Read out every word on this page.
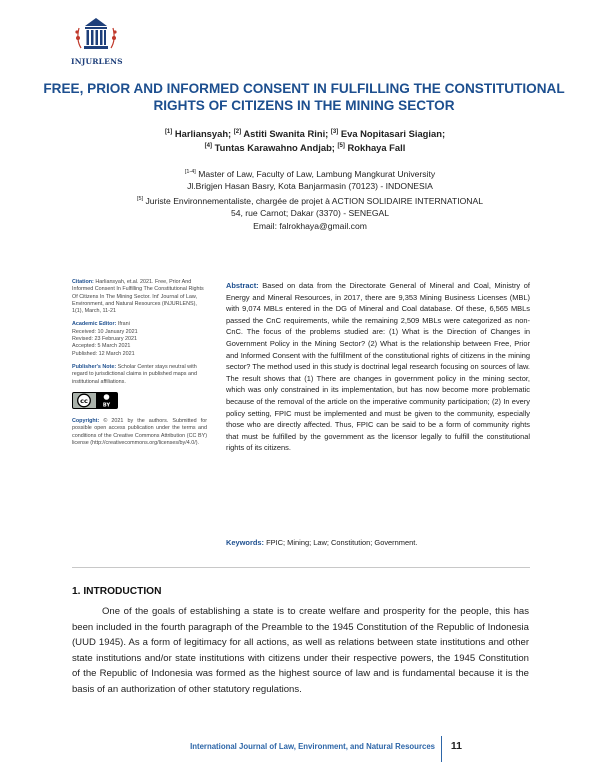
INJURLENS
FREE, PRIOR AND INFORMED CONSENT IN FULFILLING THE CONSTITUTIONAL RIGHTS OF CITIZENS IN THE MINING SECTOR
[1] Harliansyah; [2] Astiti Swanita Rini; [3] Eva Nopitasari Siagian;
[4] Tuntas Karawahno Andjab; [5] Rokhaya Fall
[1-4] Master of Law, Faculty of Law, Lambung Mangkurat University
Jl.Brigjen Hasan Basry, Kota Banjarmasin (70123) - INDONESIA
[5] Juriste Environnementaliste, chargée de projet à ACTION SOLIDAIRE INTERNATIONAL
54, rue Carnot; Dakar (3370) - SENEGAL
Email: falrokhaya@gmail.com
Citation: Harliansyah, et.al. 2021. Free, Prior And Informed Consent In Fulfilling The Constitutional Rights Of Citizens In The Mining Sector. Int' Journal of Law, Environment, and Natural Resources (INJURLENS), 1(1), March, 11-21
Academic Editor: Ifrani
Received: 10 January 2021
Revised: 23 February 2021
Accepted: 5 March 2021
Published: 12 March 2021
Publisher's Note: Scholar Center stays neutral with regard to jurisdictional claims in published maps and institutional affiliations.
cc
BY
Copyright: © 2021 by the authors. Submitted for possible open access publication under the terms and conditions of the Creative Commons Attribution (CC BY) license (http://creativecommons.org/licenses/by/4.0/).
Abstract: Based on data from the Directorate General of Mineral and Coal, Ministry of Energy and Mineral Resources, in 2017, there are 9,353 Mining Business Licenses (MBL) with 9,074 MBLs entered in the DG of Mineral and Coal database. Of these, 6,565 MBLs passed the CnC requirements, while the remaining 2,509 MBLs were categorized as non-CnC. The focus of the problems studied are: (1) What is the Direction of Changes in Government Policy in the Mining Sector? (2) What is the relationship between Free, Prior and Informed Consent with the fulfillment of the constitutional rights of citizens in the mining sector? The method used in this study is doctrinal legal research focusing on sources of law. The result shows that (1) There are changes in government policy in the mining sector, which was only constrained in its implementation, but has now become more problematic because of the removal of the article on the imperative community participation; (2) In every policy setting, FPIC must be implemented and must be given to the community, especially those who are directly affected. Thus, FPIC can be said to be a form of community rights that must be fulfilled by the government as the licensor legally to fulfill the constitutional rights of its citizens.
Keywords: FPIC; Mining; Law; Constitution; Government.
1. INTRODUCTION
One of the goals of establishing a state is to create welfare and prosperity for the people, this has been included in the fourth paragraph of the Preamble to the 1945 Constitution of the Republic of Indonesia (UUD 1945). As a form of legitimacy for all actions, as well as relations between state institutions and other state institutions and/or state institutions with citizens under their respective powers, the 1945 Constitution of the Republic of Indonesia was formed as the highest source of law and is fundamental because it is the basis of an authorization of other statutory regulations.
International Journal of Law, Environment, and Natural Resources 11
